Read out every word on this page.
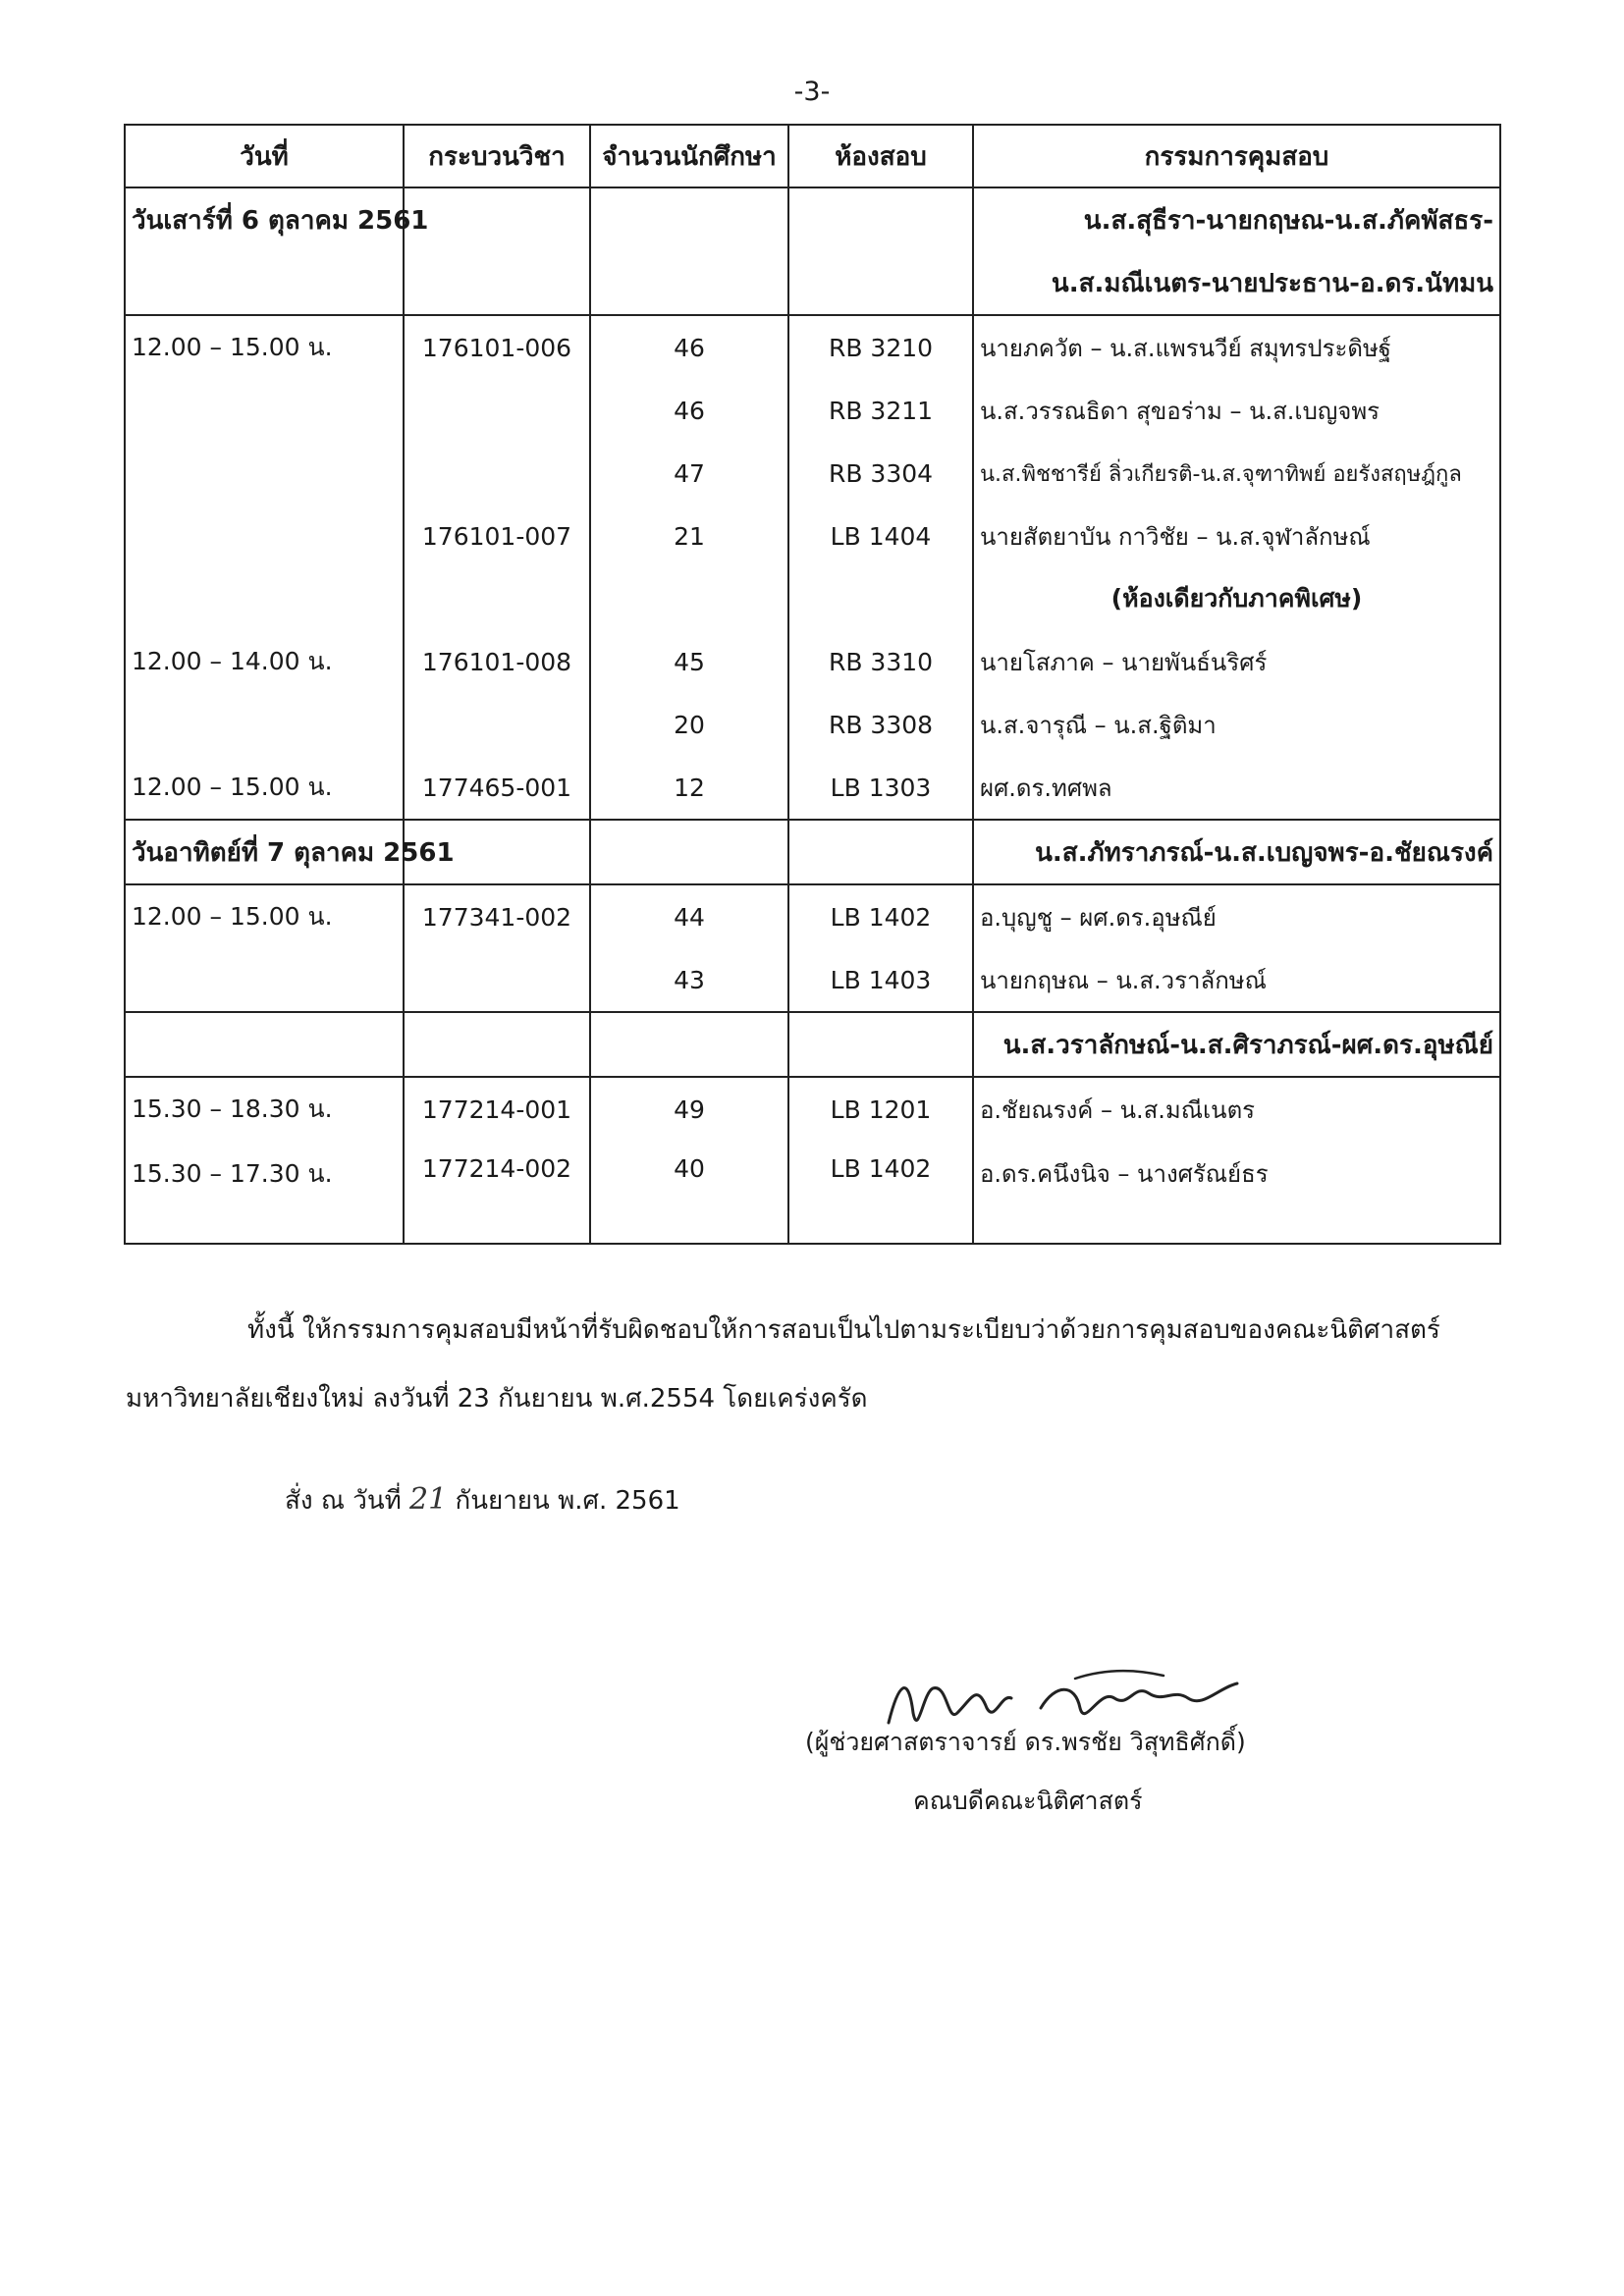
-3-
วันที่	กระบวนวิชา	จำนวนนักศึกษา	ห้องสอบ	กรรมการคุมสอบ
วันเสาร์ที่ 6 ตุลาคม 2561				น.ส.สุธีรา-นายกฤษณ-น.ส.ภัคพัสธร-
				น.ส.มณีเนตร-นายประธาน-อ.ดร.นัทมน
12.00 – 15.00 น.	176101-006	46	RB 3210	นายภควัต – น.ส.แพรนวีย์ สมุทรประดิษฐ์
		46	RB 3211	น.ส.วรรณธิดา สุขอร่าม – น.ส.เบญจพร
		47	RB 3304	น.ส.พิชชารีย์ ลิ่วเกียรติ-น.ส.จุฑาทิพย์ อยรังสฤษฎ์กูล
	176101-007	21	LB 1404	นายสัตยาบัน กาวิชัย – น.ส.จุฬาลักษณ์
				(ห้องเดียวกับภาคพิเศษ)
12.00 – 14.00 น.	176101-008	45	RB 3310	นายโสภาค – นายพันธ์นริศร์
		20	RB 3308	น.ส.จารุณี – น.ส.ฐิติมา
12.00 – 15.00 น.	177465-001	12	LB 1303	ผศ.ดร.ทศพล
วันอาทิตย์ที่ 7 ตุลาคม 2561				น.ส.ภัทราภรณ์-น.ส.เบญจพร-อ.ชัยณรงค์
12.00 – 15.00 น.	177341-002	44	LB 1402	อ.บุญชู – ผศ.ดร.อุษณีย์
		43	LB 1403	นายกฤษณ – น.ส.วราลักษณ์
				น.ส.วราลักษณ์-น.ส.ศิราภรณ์-ผศ.ดร.อุษณีย์
15.30 – 18.30 น.	177214-001	49	LB 1201	อ.ชัยณรงค์ – น.ส.มณีเนตร
15.30 – 17.30 น.	177214-002	40	LB 1402	อ.ดร.คนึงนิจ – นางศรัณย์ธร
ทั้งนี้ ให้กรรมการคุมสอบมีหน้าที่รับผิดชอบให้การสอบเป็นไปตามระเบียบว่าด้วยการคุมสอบของคณะนิติศาสตร์
มหาวิทยาลัยเชียงใหม่ ลงวันที่ 23 กันยายน พ.ศ.2554 โดยเคร่งครัด
สั่ง ณ วันที่ 21 กันยายน พ.ศ. 2561
(ผู้ช่วยศาสตราจารย์ ดร.พรชัย วิสุทธิศักดิ์)
คณบดีคณะนิติศาสตร์
